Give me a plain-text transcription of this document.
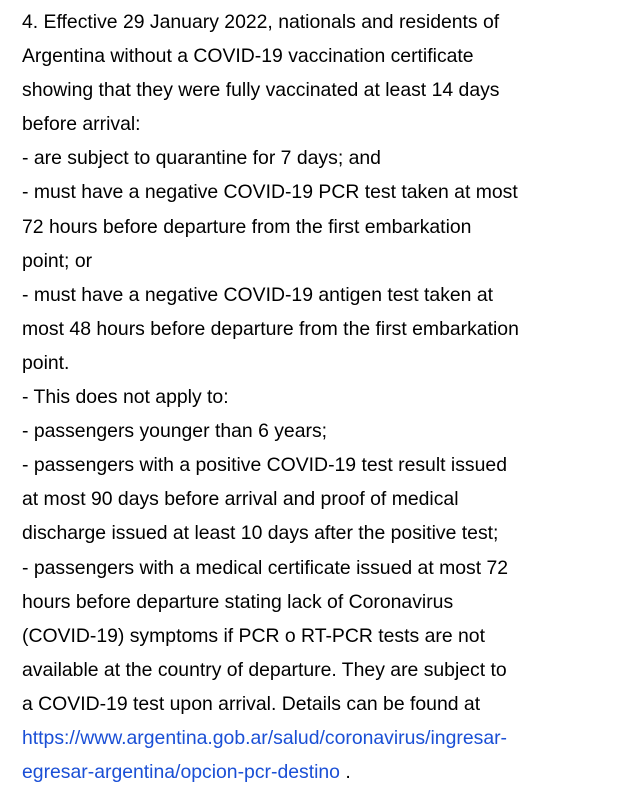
4. Effective 29 January 2022, nationals and residents of
Argentina without a COVID-19 vaccination certificate
showing that they were fully vaccinated at least 14 days
before arrival:
- are subject to quarantine for 7 days; and
- must have a negative COVID-19 PCR test taken at most
72 hours before departure from the first embarkation
point; or
- must have a negative COVID-19 antigen test taken at
most 48 hours before departure from the first embarkation
point.
- This does not apply to:
- passengers younger than 6 years;
- passengers with a positive COVID-19 test result issued
at most 90 days before arrival and proof of medical
discharge issued at least 10 days after the positive test;
- passengers with a medical certificate issued at most 72
hours before departure stating lack of Coronavirus
(COVID-19) symptoms if PCR o RT-PCR tests are not
available at the country of departure. They are subject to
a COVID-19 test upon arrival. Details can be found at
https://www.argentina.gob.ar/salud/coronavirus/ingresar-
egresar-argentina/opcion-pcr-destino .
